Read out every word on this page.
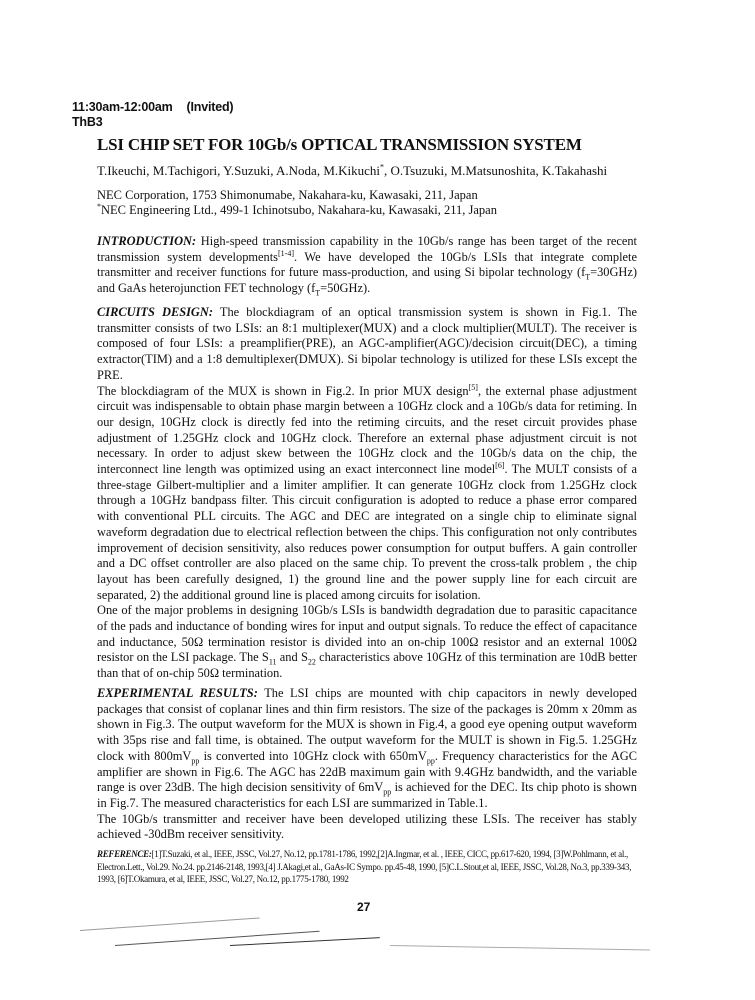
11:30am-12:00am (Invited)
ThB3
LSI CHIP SET FOR 10Gb/s OPTICAL TRANSMISSION SYSTEM
T.Ikeuchi, M.Tachigori, Y.Suzuki, A.Noda, M.Kikuchi*, O.Tsuzuki, M.Matsunoshita, K.Takahashi
NEC Corporation, 1753 Shimonumabe, Nakahara-ku, Kawasaki, 211, Japan
*NEC Engineering Ltd., 499-1 Ichinotsubo, Nakahara-ku, Kawasaki, 211, Japan

INTRODUCTION: High-speed transmission capability in the 10Gb/s range has been target of the recent transmission system developments[1-4]. We have developed the 10Gb/s LSIs that integrate complete transmitter and receiver functions for future mass-production, and using Si bipolar technology $(f_T=30GHz)$ and GaAs heterojunction FET technology $(f_T=50GHz)$.

CIRCUITS DESIGN: The blockdiagram of an optical transmission system is shown in Fig.1. The transmitter consists of two LSIs: an 8:1 multiplexer(MUX) and a clock multiplier(MULT). The receiver is composed of four LSIs: a preamplifier(PRE), an AGC-amplifier(AGC)/decision circuit(DEC), a timing extractor(TIM) and a 1:8 demultiplexer(DMUX). Si bipolar technology is utilized for these LSIs except the PRE.

The blockdiagram of the MUX is shown in Fig.2. In prior MUX design[5], the external phase adjustment circuit was indispensable to obtain phase margin between a 10GHz clock and a 10Gb/s data for retiming. In our design, 10GHz clock is directly fed into the retiming circuits, and the reset circuit provides phase adjustment of 1.25GHz clock and 10GHz clock. Therefore an external phase adjustment circuit is not necessary. In order to adjust skew between the 10GHz clock and the 10Gb/s data on the chip, the interconnect line length was optimized using an exact interconnect line model[6]. The MULT consists of a three-stage Gilbert-multiplier and a limiter amplifier. It can generate 10GHz clock from 1.25GHz clock through a 10GHz bandpass filter. This circuit configuration is adopted to reduce a phase error compared with conventional PLL circuits. The AGC and DEC are integrated on a single chip to eliminate signal waveform degradation due to electrical reflection between the chips. This configuration not only contributes improvement of decision sensitivity, also reduces power consumption for output buffers. A gain controller and a DC offset controller are also placed on the same chip. To prevent the cross-talk problem , the chip layout has been carefully designed, 1) the ground line and the power supply line for each circuit are separated, 2) the additional ground line is placed among circuits for isolation.

One of the major problems in designing 10Gb/s LSIs is bandwidth degradation due to parasitic capacitance of the pads and inductance of bonding wires for input and output signals. To reduce the effect of capacitance and inductance, 50Ω termination resistor is divided into an on-chip 100Ω resistor and an external 100Ω resistor on the LSI package. The $S_{11}$ and $S_{22}$ characteristics above 10GHz of this termination are 10dB better than that of on-chip 50Ω termination.

EXPERIMENTAL RESULTS: The LSI chips are mounted with chip capacitors in newly developed packages that consist of coplanar lines and thin firm resistors. The size of the packages is 20mm x 20mm as shown in Fig.3. The output waveform for the MUX is shown in Fig.4, a good eye opening output waveform with 35ps rise and fall time, is obtained. The output waveform for the MULT is shown in Fig.5. 1.25GHz clock with $800mV_{pp}$ is converted into 10GHz clock with $650mV_{pp}$. Frequency characteristics for the AGC amplifier are shown in Fig.6. The AGC has 22dB maximum gain with 9.4GHz bandwidth, and the variable range is over 23dB. The high decision sensitivity of $6mV_{pp}$ is achieved for the DEC. Its chip photo is shown in Fig.7. The measured characteristics for each LSI are summarized in Table.1.

The 10Gb/s transmitter and receiver have been developed utilizing these LSIs. The receiver has stably achieved -30dBm receiver sensitivity.

REFERENCE:[1]T.Suzaki, et al., IEEE, JSSC, Vol.27, No.12, pp.1781-1786, 1992,[2]A.Ingmar, et al. , IEEE, CICC, pp.617-620, 1994, [3]W.Pohlmann, et al., Electron.Lett., Vol.29. No.24. pp.2146-2148, 1993,[4] J.Akagi,et al., GaAs-IC Sympo. pp.45-48, 1990, [5]C.L.Stout,et al, IEEE, JSSC, Vol.28, No.3, pp.339-343, 1993, [6]T.Okamura, et al, IEEE, JSSC, Vol.27, No.12, pp.1775-1780, 1992
27
